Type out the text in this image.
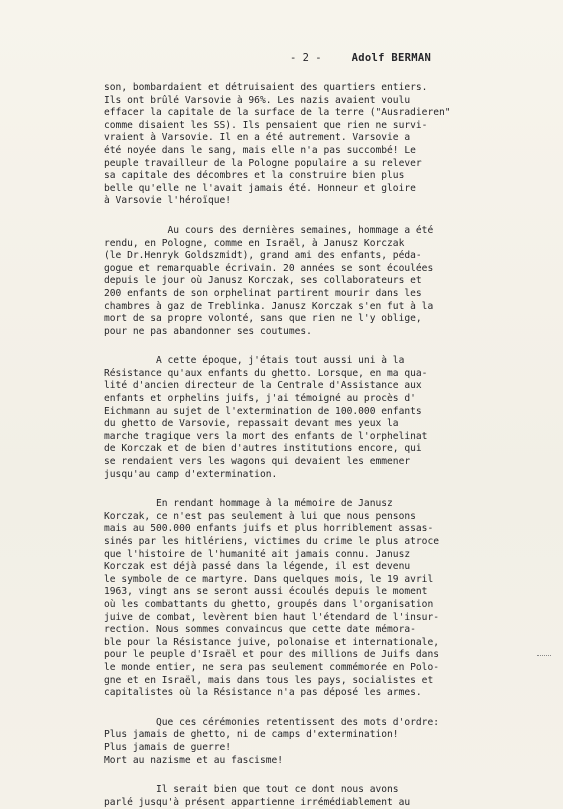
- 2 -	Adolf BERMAN
son, bombardaient et détruisaient des quartiers entiers.
Ils ont brûlé Varsovie à 96%. Les nazis avaient voulu
effacer la capitale de la surface de la terre ("Ausradieren"
comme disaient les SS). Ils pensaient que rien ne survi-
vraient à Varsovie. Il en a été autrement. Varsovie a
été noyée dans le sang, mais elle n'a pas succombé! Le
peuple travailleur de la Pologne populaire a su relever
sa capitale des décombres et la construire bien plus
belle qu'elle ne l'avait jamais été. Honneur et gloire
à Varsovie l'héroïque!
Au cours des dernières semaines, hommage a été
rendu, en Pologne, comme en Israël, à Janusz Korczak
(le Dr.Henryk Goldszmidt), grand ami des enfants, péda-
gogue et remarquable écrivain. 20 années se sont écoulées
depuis le jour où Janusz Korczak, ses collaborateurs et
200 enfants de son orphelinat partirent mourir dans les
chambres à gaz de Treblinka. Janusz Korczak s'en fut à la
mort de sa propre volonté, sans que rien ne l'y oblige,
pour ne pas abandonner ses coutumes.
A cette époque, j'étais tout aussi uni à la
Résistance qu'aux enfants du ghetto. Lorsque, en ma qua-
lité d'ancien directeur de la Centrale d'Assistance aux
enfants et orphelins juifs, j'ai témoigné au procès d'
Eichmann au sujet de l'extermination de 100.000 enfants
du ghetto de Varsovie, repassait devant mes yeux la
marche tragique vers la mort des enfants de l'orphelinat
de Korczak et de bien d'autres institutions encore, qui
se rendaient vers les wagons qui devaient les emmener
jusqu'au camp d'extermination.
En rendant hommage à la mémoire de Janusz
Korczak, ce n'est pas seulement à lui que nous pensons
mais au 500.000 enfants juifs et plus horriblement assas-
sinés par les hitlériens, victimes du crime le plus atroce
que l'histoire de l'humanité ait jamais connu. Janusz
Korczak est déjà passé dans la légende, il est devenu
le symbole de ce martyre. Dans quelques mois, le 19 avril
1963, vingt ans se seront aussi écoulés depuis le moment
où les combattants du ghetto, groupés dans l'organisation
juive de combat, levèrent bien haut l'étendard de l'insur-
rection. Nous sommes convaincus que cette date mémora-
ble pour la Résistance juive, polonaise et internationale,
pour le peuple d'Israël et pour des millions de Juifs dans
le monde entier, ne sera pas seulement commémorée en Polo-
gne et en Israël, mais dans tous les pays, socialistes et
capitalistes où la Résistance n'a pas déposé les armes.
Que ces cérémonies retentissent des mots d'ordre:
Plus jamais de ghetto, ni de camps d'extermination!
Plus jamais de guerre!
Mort au nazisme et au fascisme!
Il serait bien que tout ce dont nous avons
parlé jusqu'à présent appartienne irrémédiablement au
